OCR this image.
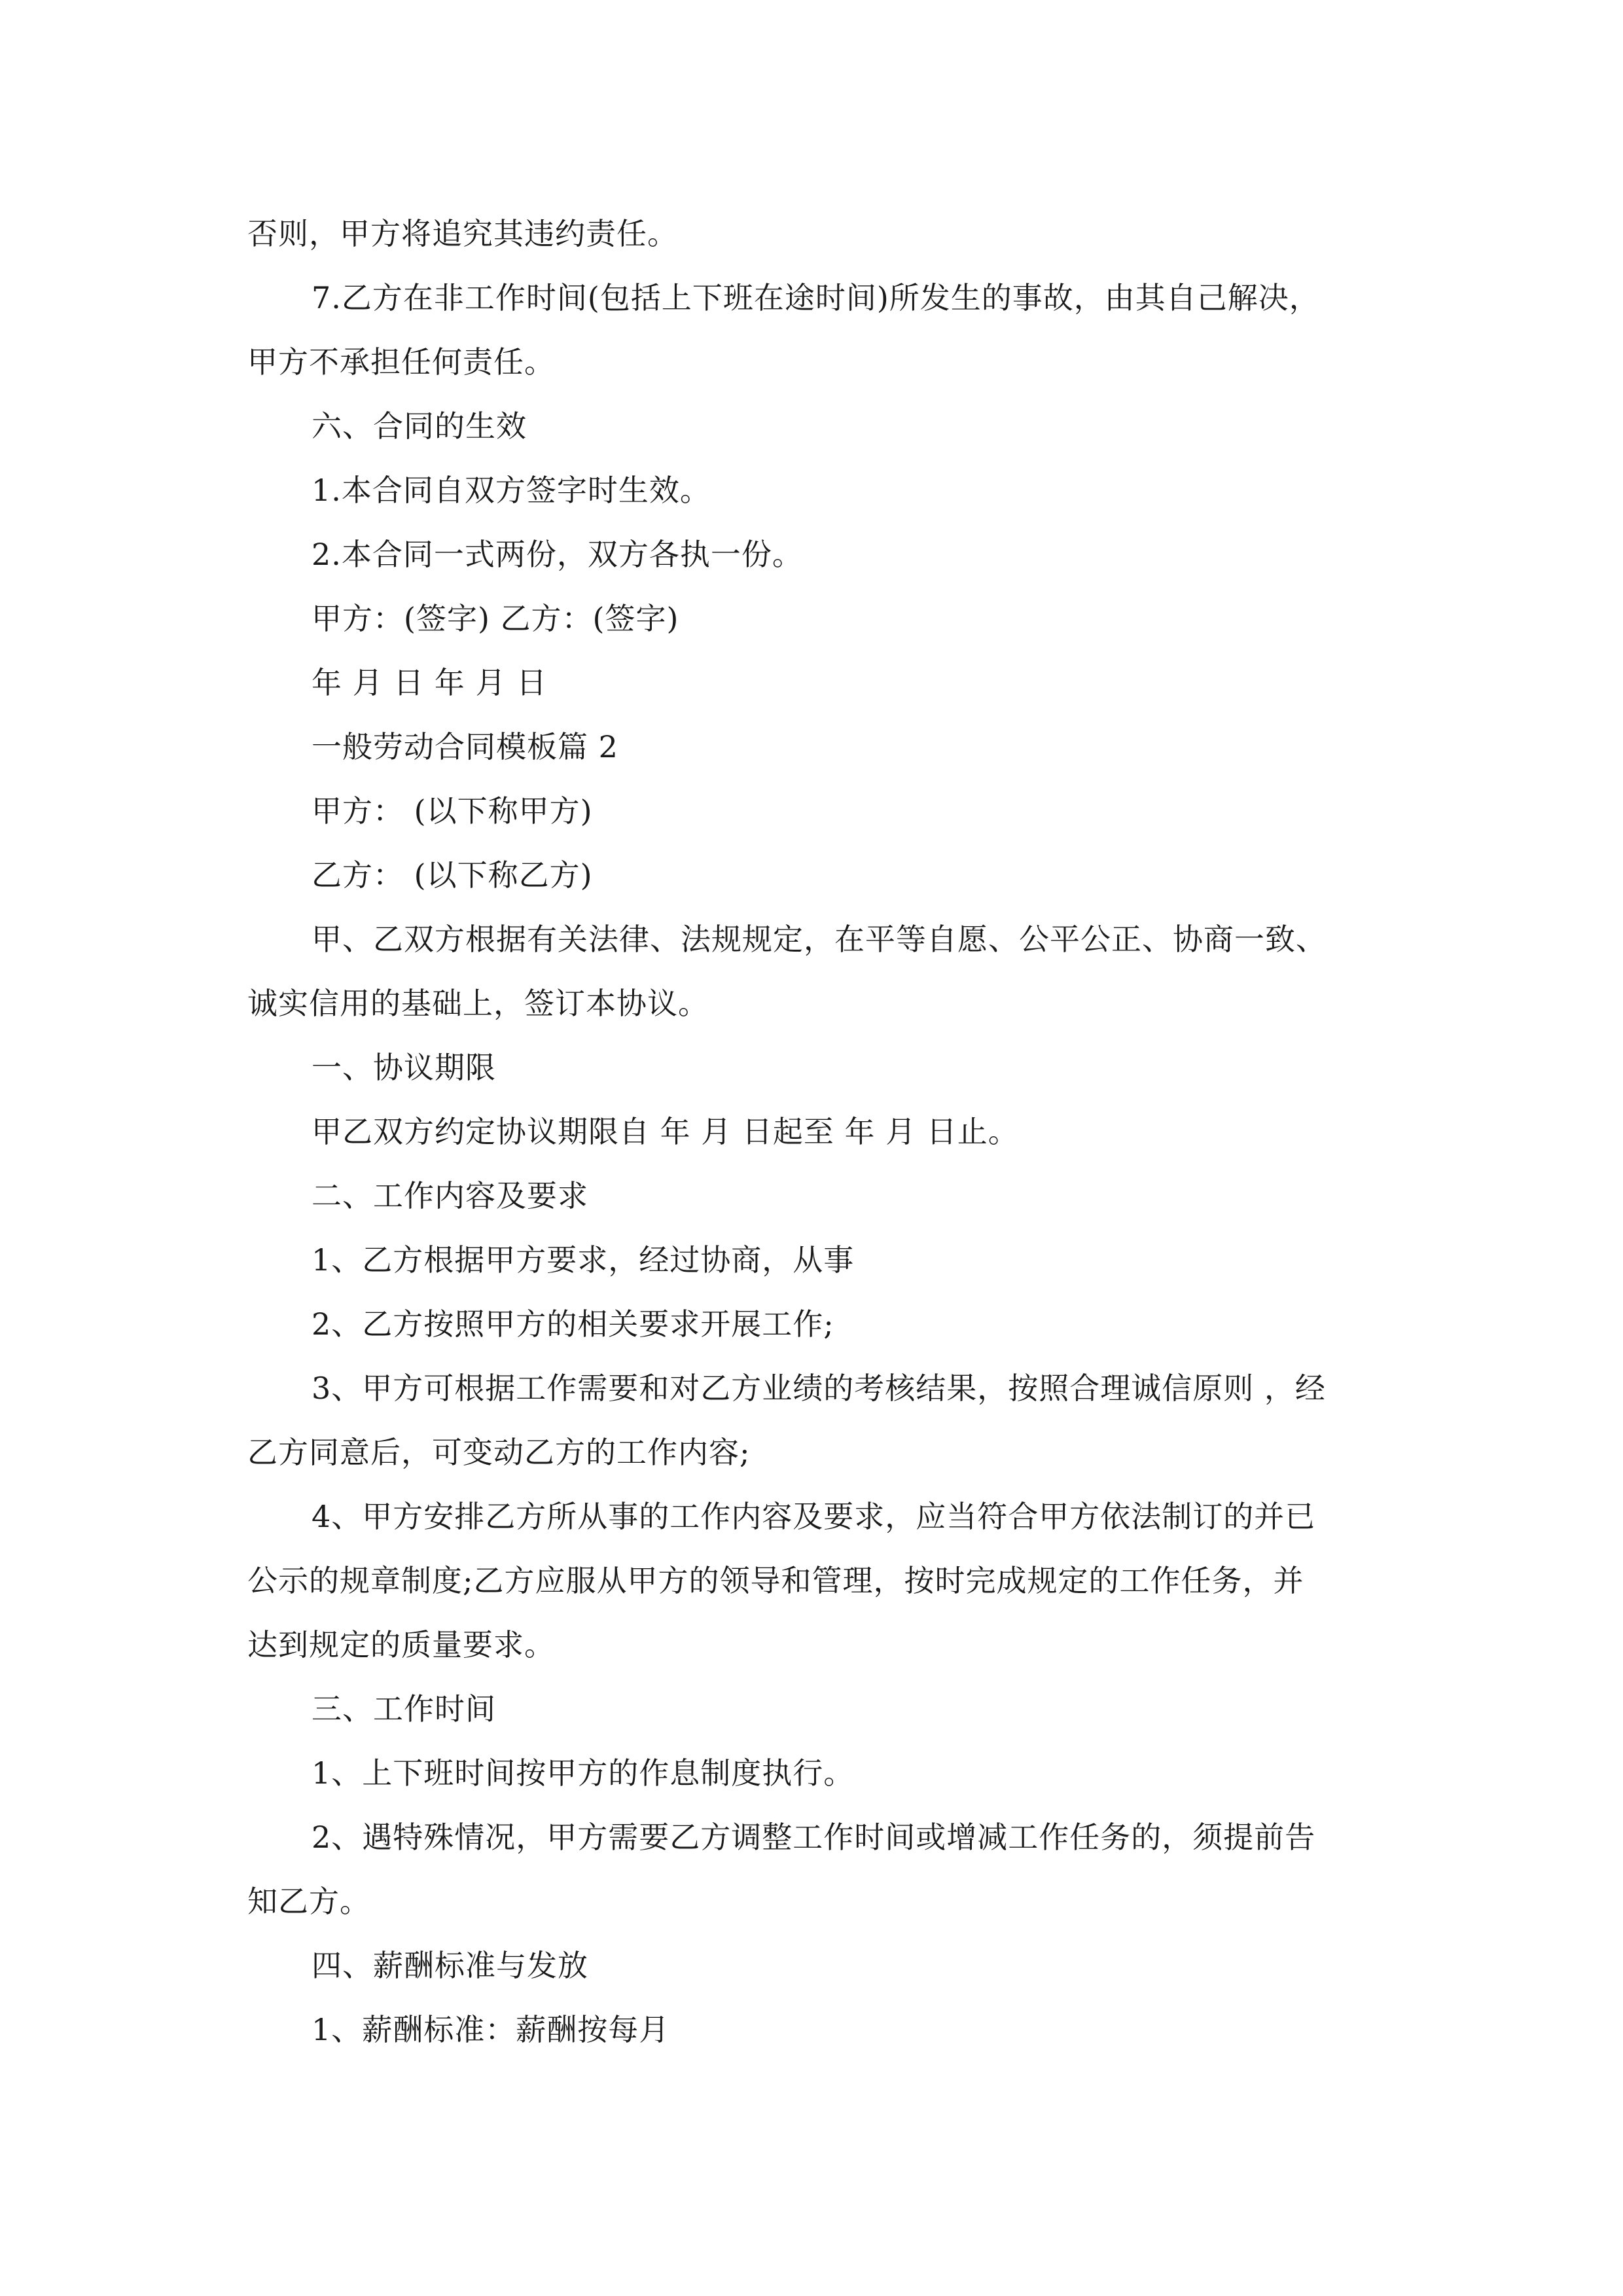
否则，甲方将追究其违约责任。
7.乙方在非工作时间(包括上下班在途时间)所发生的事故，由其自己解决，
甲方不承担任何责任。
六、合同的生效
1.本合同自双方签字时生效。
2.本合同一式两份，双方各执一份。
甲方：(签字) 乙方：(签字)
年 月 日 年 月 日
一般劳动合同模板篇 2
甲方： (以下称甲方)
乙方： (以下称乙方)
甲、乙双方根据有关法律、法规规定，在平等自愿、公平公正、协商一致、
诚实信用的基础上，签订本协议。
一、协议期限
甲乙双方约定协议期限自 年 月 日起至 年 月 日止。
二、工作内容及要求
1、乙方根据甲方要求，经过协商，从事
2、乙方按照甲方的相关要求开展工作;
3、甲方可根据工作需要和对乙方业绩的考核结果，按照合理诚信原则 ，经
乙方同意后，可变动乙方的工作内容;
4、甲方安排乙方所从事的工作内容及要求，应当符合甲方依法制订的并已
公示的规章制度;乙方应服从甲方的领导和管理，按时完成规定的工作任务，并
达到规定的质量要求。
三、工作时间
1、上下班时间按甲方的作息制度执行。
2、遇特殊情况，甲方需要乙方调整工作时间或增减工作任务的，须提前告
知乙方。
四、薪酬标准与发放
1、薪酬标准：薪酬按每月
